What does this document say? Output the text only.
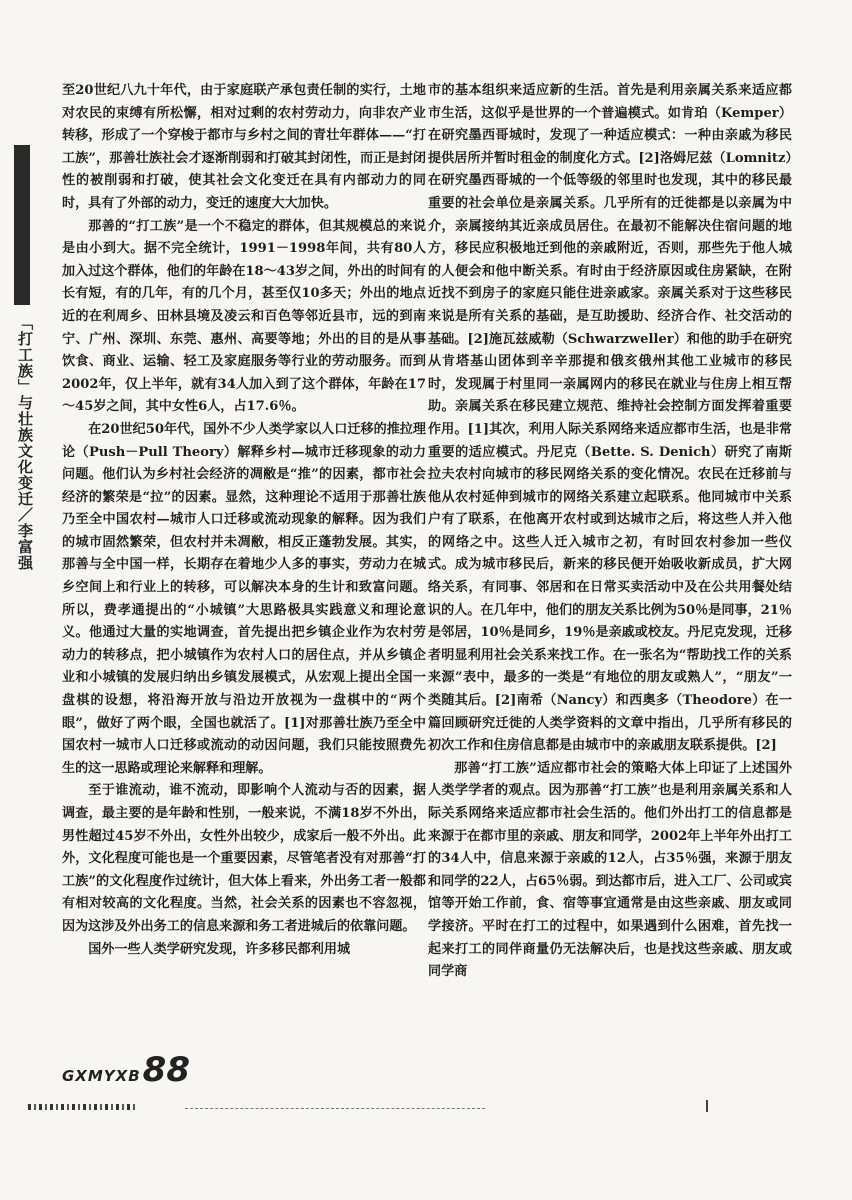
「打工族」与壮族文化变迁／李富强

至20世纪八九十年代，由于家庭联产承包责任制的实行，土地对农民的束缚有所松懈，相对过剩的农村劳动力，向非农产业转移，形成了一个穿梭于都市与乡村之间的青壮年群体——“打工族”，那善壮族社会才逐渐削弱和打破其封闭性，而正是封闭性的被削弱和打破，使其社会文化变迁在具有内部动力的同时，具有了外部的动力，变迁的速度大大加快。

那善的“打工族”是一个不稳定的群体，但其规模总的来说是由小到大。据不完全统计，1991－1998年间，共有80人加入过这个群体，他们的年龄在18～43岁之间，外出的时间有长有短，有的几年，有的几个月，甚至仅10多天；外出的地点近的在利周乡、田林县境及凌云和百色等邻近县市，远的到南宁、广州、深圳、东莞、惠州、高要等地；外出的目的是从事饮食、商业、运输、轻工及家庭服务等行业的劳动服务。而到2002年，仅上半年，就有34人加入到了这个群体，年龄在17～45岁之间，其中女性6人，占17.6％。

在20世纪50年代，国外不少人类学家以人口迁移的推拉理论（Push－Pull Theory）解释乡村—城市迁移现象的动力问题。他们认为乡村社会经济的凋敝是“推”的因素，都市社会经济的繁荣是“拉”的因素。显然，这种理论不适用于那善壮族乃至全中国农村—城市人口迁移或流动现象的解释。因为我们的城市固然繁荣，但农村并未凋敝，相反正蓬勃发展。其实，那善与全中国一样，长期存在着地少人多的事实，劳动力在城乡空间上和行业上的转移，可以解决本身的生计和致富问题。所以，费孝通提出的“小城镇”大思路极具实践意义和理论意义。他通过大量的实地调查，首先提出把乡镇企业作为农村劳动力的转移点，把小城镇作为农村人口的居住点，并从乡镇企业和小城镇的发展归纳出乡镇发展模式，从宏观上提出全国一盘棋的设想，将沿海开放与沿边开放视为一盘棋中的“两个眼”，做好了两个眼，全国也就活了。[1]对那善壮族乃至全中国农村一城市人口迁移或流动的动因问题，我们只能按照费先生的这一思路或理论来解释和理解。

至于谁流动，谁不流动，即影响个人流动与否的因素，据调查，最主要的是年龄和性别，一般来说，不满18岁不外出，男性超过45岁不外出，女性外出较少，成家后一般不外出。此外，文化程度可能也是一个重要因素，尽管笔者没有对那善“打工族”的文化程度作过统计，但大体上看来，外出务工者一般都有相对较高的文化程度。当然，社会关系的因素也不容忽视，因为这涉及外出务工的信息来源和务工者进城后的依靠问题。

国外一些人类学研究发现，许多移民都利用城

市的基本组织来适应新的生活。首先是利用亲属关系来适应都市生活，这似乎是世界的一个普遍模式。如肯珀（Kemper）在研究墨西哥城时，发现了一种适应模式：一种由亲戚为移民提供居所并暂时租金的制度化方式。[2]洛姆尼兹（Lomnitz）在研究墨西哥城的一个低等级的邻里时也发现，其中的移民最重要的社会单位是亲属关系。几乎所有的迁徙都是以亲属为中介，亲属接纳其近亲成员居住。在最初不能解决住宿问题的地方，移民应积极地迁到他的亲戚附近，否则，那些先于他人城的人便会和他中断关系。有时由于经济原因或住房紧缺，在附近找不到房子的家庭只能住进亲戚家。亲属关系对于这些移民来说是所有关系的基础，是互助援助、经济合作、社交活动的基础。[2]施瓦兹威勒（Schwarzweller）和他的助手在研究从肯塔基山团体到辛辛那提和俄亥俄州其他工业城市的移民时，发现属于村里同一亲属网内的移民在就业与住房上相互帮助。亲属关系在移民建立规范、维持社会控制方面发挥着重要作用。[1]其次，利用人际关系网络来适应都市生活，也是非常重要的适应模式。丹尼克（Bette. S. Denich）研究了南斯拉夫农村向城市的移民网络关系的变化情况。农民在迁移前与他从农村延伸到城市的网络关系建立起联系。他同城市中关系户有了联系，在他离开农村或到达城市之后，将这些人并入他的网络之中。这些人迁入城市之初，有时回农村参加一些仪式。成为城市移民后，新来的移民便开始吸收新成员，扩大网络关系，有同事、邻居和在日常买卖活动中及在公共用餐处结识的人。在几年中，他们的朋友关系比例为50％是同事，21％是邻居，10％是同乡，19％是亲戚或校友。丹尼克发现，迁移者明显利用社会关系来找工作。在一张名为“帮助找工作的关系来源”表中，最多的一类是“有地位的朋友或熟人”，“朋友”一类随其后。[2]南希（Nancy）和西奥多（Theodore）在一篇回顾研究迁徙的人类学资料的文章中指出，几乎所有移民的初次工作和住房信息都是由城市中的亲戚朋友联系提供。[2]

那善“打工族”适应都市社会的策略大体上印证了上述国外人类学学者的观点。因为那善“打工族”也是利用亲属关系和人际关系网络来适应都市社会生活的。他们外出打工的信息都是来源于在都市里的亲戚、朋友和同学，2002年上半年外出打工的34人中，信息来源于亲戚的12人，占35％强，来源于朋友和同学的22人，占65％弱。到达都市后，进入工厂、公司或宾馆等开始工作前，食、宿等事宜通常是由这些亲戚、朋友或同学接济。平时在打工的过程中，如果遇到什么困难，首先找一起来打工的同伴商量仍无法解决后，也是找这些亲戚、朋友或同学商

GXMYXB88
